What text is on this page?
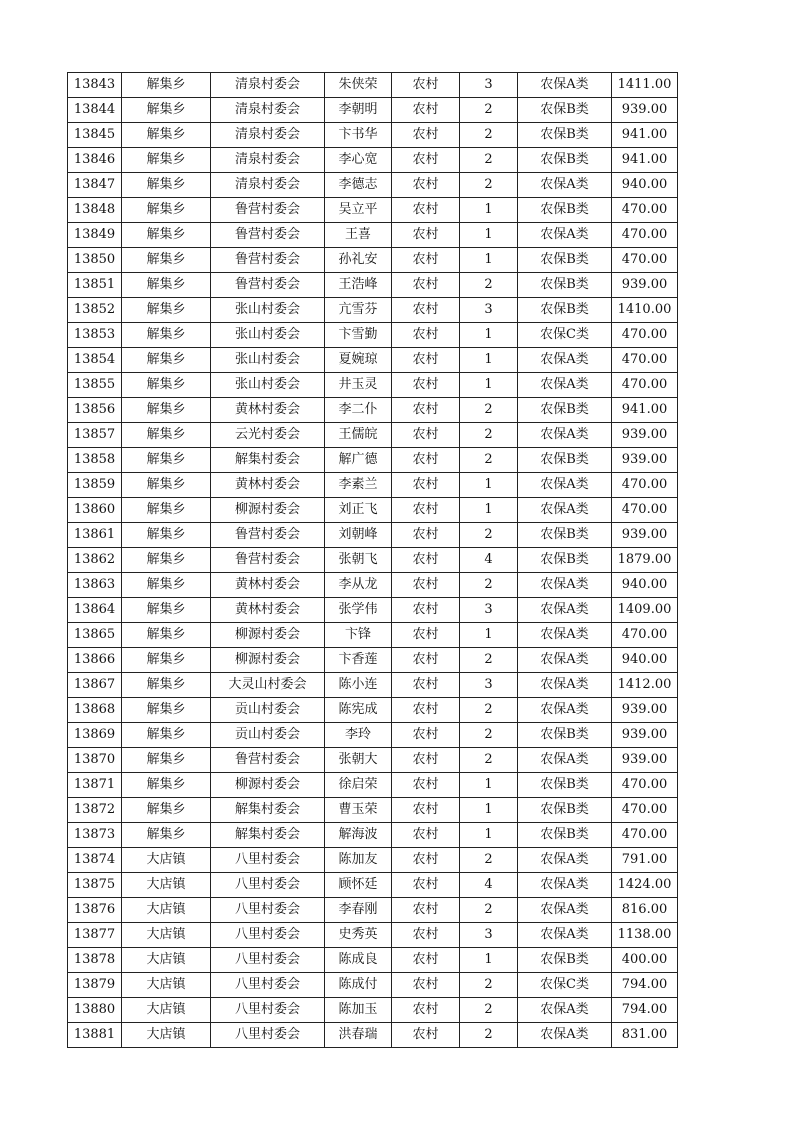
13843	解集乡	清泉村委会	朱侠荣	农村	3	农保A类	1411.00
13844	解集乡	清泉村委会	李朝明	农村	2	农保B类	939.00
13845	解集乡	清泉村委会	卞书华	农村	2	农保B类	941.00
13846	解集乡	清泉村委会	李心宽	农村	2	农保B类	941.00
13847	解集乡	清泉村委会	李德志	农村	2	农保A类	940.00
13848	解集乡	鲁营村委会	吴立平	农村	1	农保B类	470.00
13849	解集乡	鲁营村委会	王喜	农村	1	农保A类	470.00
13850	解集乡	鲁营村委会	孙礼安	农村	1	农保B类	470.00
13851	解集乡	鲁营村委会	王浩峰	农村	2	农保B类	939.00
13852	解集乡	张山村委会	亢雪芬	农村	3	农保B类	1410.00
13853	解集乡	张山村委会	卞雪勤	农村	1	农保C类	470.00
13854	解集乡	张山村委会	夏婉琼	农村	1	农保A类	470.00
13855	解集乡	张山村委会	井玉灵	农村	1	农保A类	470.00
13856	解集乡	黄林村委会	李二仆	农村	2	农保B类	941.00
13857	解集乡	云光村委会	王儒皖	农村	2	农保A类	939.00
13858	解集乡	解集村委会	解广德	农村	2	农保B类	939.00
13859	解集乡	黄林村委会	李素兰	农村	1	农保A类	470.00
13860	解集乡	柳源村委会	刘正飞	农村	1	农保A类	470.00
13861	解集乡	鲁营村委会	刘朝峰	农村	2	农保B类	939.00
13862	解集乡	鲁营村委会	张朝飞	农村	4	农保B类	1879.00
13863	解集乡	黄林村委会	李从龙	农村	2	农保A类	940.00
13864	解集乡	黄林村委会	张学伟	农村	3	农保A类	1409.00
13865	解集乡	柳源村委会	卞锋	农村	1	农保A类	470.00
13866	解集乡	柳源村委会	卞香莲	农村	2	农保A类	940.00
13867	解集乡	大灵山村委会	陈小连	农村	3	农保A类	1412.00
13868	解集乡	贡山村委会	陈宪成	农村	2	农保A类	939.00
13869	解集乡	贡山村委会	李玲	农村	2	农保B类	939.00
13870	解集乡	鲁营村委会	张朝大	农村	2	农保A类	939.00
13871	解集乡	柳源村委会	徐启荣	农村	1	农保B类	470.00
13872	解集乡	解集村委会	曹玉荣	农村	1	农保B类	470.00
13873	解集乡	解集村委会	解海波	农村	1	农保B类	470.00
13874	大店镇	八里村委会	陈加友	农村	2	农保A类	791.00
13875	大店镇	八里村委会	顾怀廷	农村	4	农保A类	1424.00
13876	大店镇	八里村委会	李春刚	农村	2	农保A类	816.00
13877	大店镇	八里村委会	史秀英	农村	3	农保A类	1138.00
13878	大店镇	八里村委会	陈成良	农村	1	农保B类	400.00
13879	大店镇	八里村委会	陈成付	农村	2	农保C类	794.00
13880	大店镇	八里村委会	陈加玉	农村	2	农保A类	794.00
13881	大店镇	八里村委会	洪春瑞	农村	2	农保A类	831.00
